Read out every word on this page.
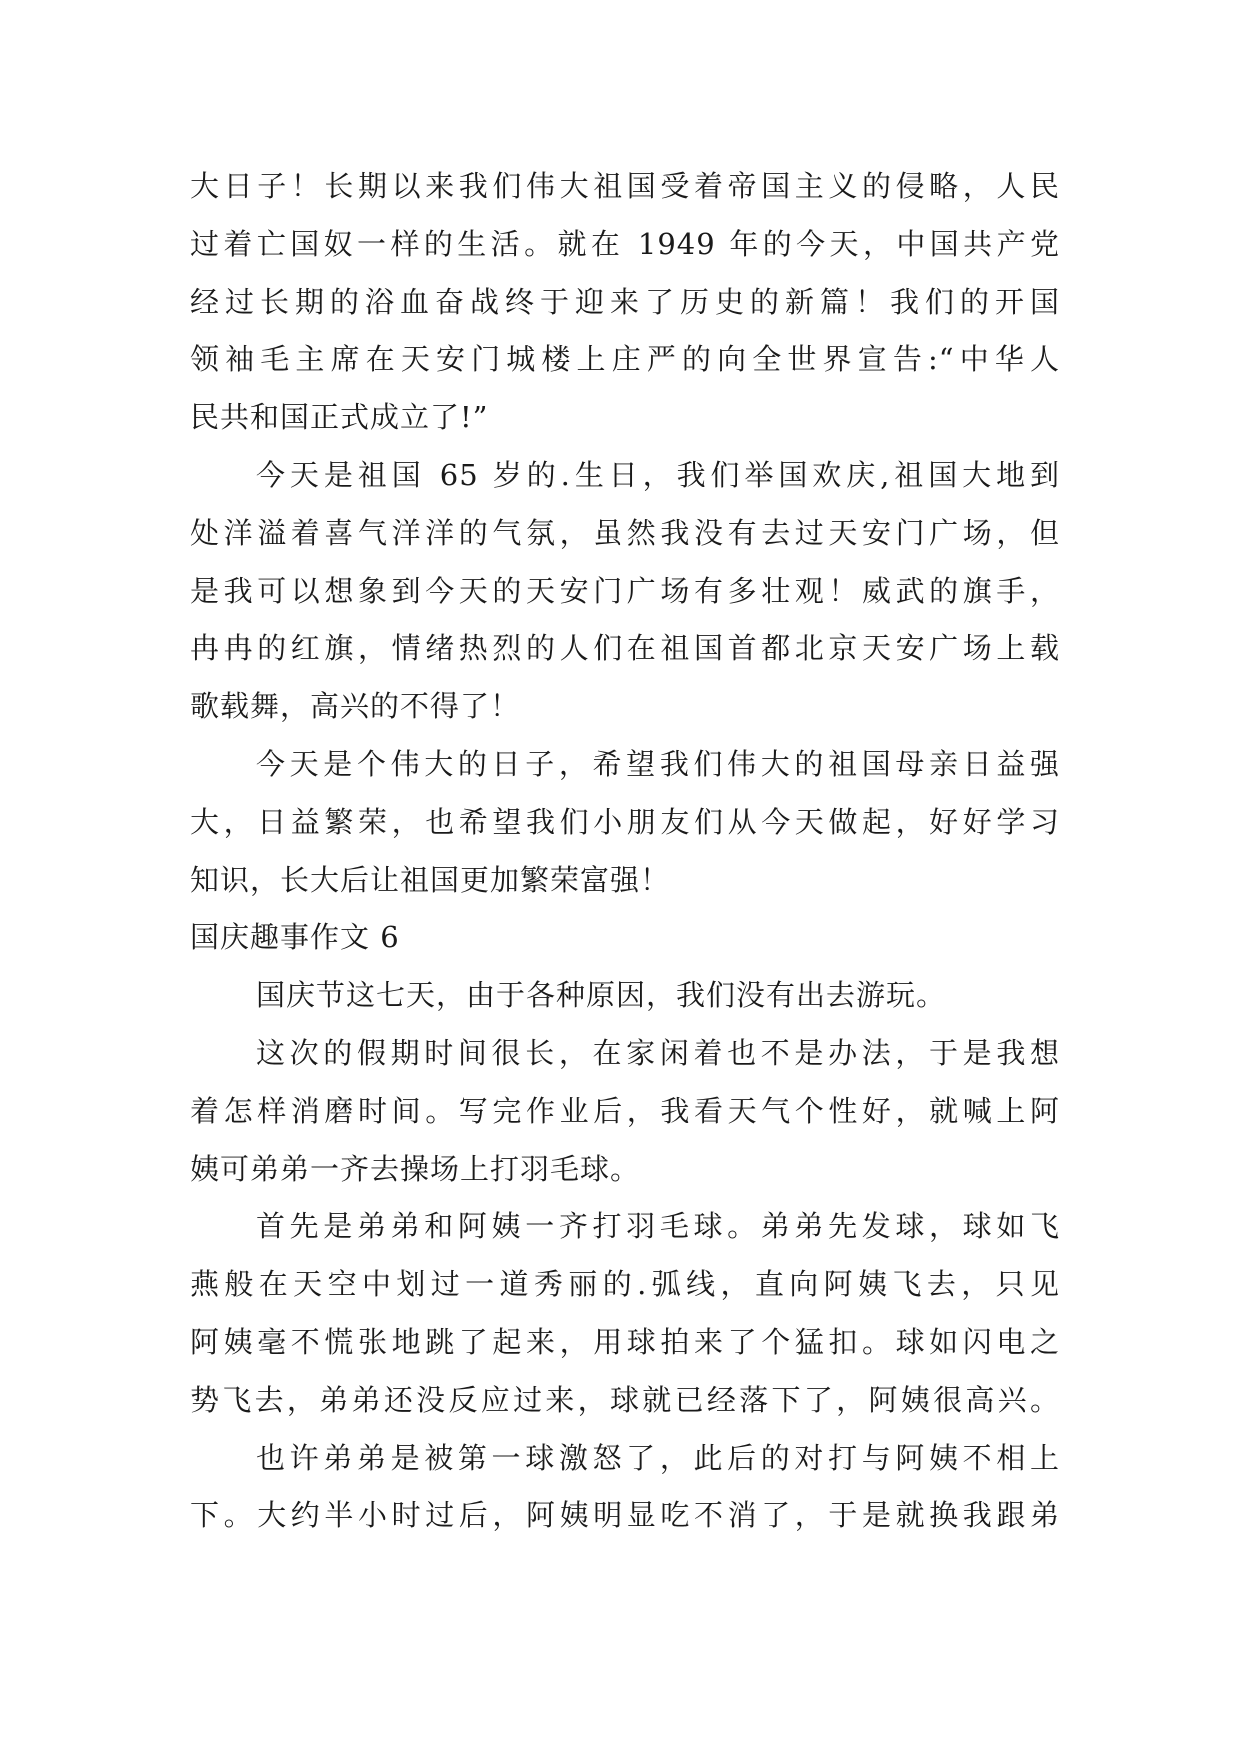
大日子！长期以来我们伟大祖国受着帝国主义的侵略，人民
过着亡国奴一样的生活。就在 1949 年的今天，中国共产党
经过长期的浴血奋战终于迎来了历史的新篇！我们的开国
领袖毛主席在天安门城楼上庄严的向全世界宣告:“中华人
民共和国正式成立了!”
今天是祖国 65 岁的.生日，我们举国欢庆,祖国大地到
处洋溢着喜气洋洋的气氛，虽然我没有去过天安门广场，但
是我可以想象到今天的天安门广场有多壮观！威武的旗手，
冉冉的红旗，情绪热烈的人们在祖国首都北京天安广场上载
歌载舞，高兴的不得了！
今天是个伟大的日子，希望我们伟大的祖国母亲日益强
大，日益繁荣，也希望我们小朋友们从今天做起，好好学习
知识，长大后让祖国更加繁荣富强！
国庆趣事作文 6
国庆节这七天，由于各种原因，我们没有出去游玩。
这次的假期时间很长，在家闲着也不是办法，于是我想
着怎样消磨时间。写完作业后，我看天气个性好，就喊上阿
姨可弟弟一齐去操场上打羽毛球。
首先是弟弟和阿姨一齐打羽毛球。弟弟先发球，球如飞
燕般在天空中划过一道秀丽的.弧线，直向阿姨飞去，只见
阿姨毫不慌张地跳了起来，用球拍来了个猛扣。球如闪电之
势飞去，弟弟还没反应过来，球就已经落下了，阿姨很高兴。
也许弟弟是被第一球激怒了，此后的对打与阿姨不相上
下。大约半小时过后，阿姨明显吃不消了，于是就换我跟弟
